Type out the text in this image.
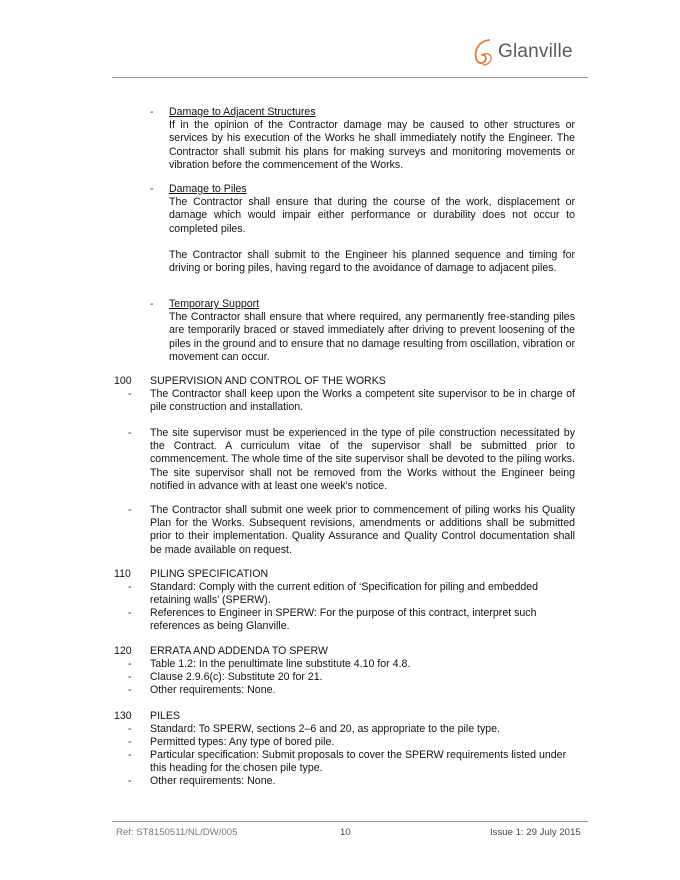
Glanville
- Damage to Adjacent Structures
If in the opinion of the Contractor damage may be caused to other structures or services by his execution of the Works he shall immediately notify the Engineer. The Contractor shall submit his plans for making surveys and monitoring movements or vibration before the commencement of the Works.
- Damage to Piles
The Contractor shall ensure that during the course of the work, displacement or damage which would impair either performance or durability does not occur to completed piles.
The Contractor shall submit to the Engineer his planned sequence and timing for driving or boring piles, having regard to the avoidance of damage to adjacent piles.
- Temporary Support
The Contractor shall ensure that where required, any permanently free-standing piles are temporarily braced or staved immediately after driving to prevent loosening of the piles in the ground and to ensure that no damage resulting from oscillation, vibration or movement can occur.
100 SUPERVISION AND CONTROL OF THE WORKS
- The Contractor shall keep upon the Works a competent site supervisor to be in charge of pile construction and installation.
- The site supervisor must be experienced in the type of pile construction necessitated by the Contract. A curriculum vitae of the supervisor shall be submitted prior to commencement. The whole time of the site supervisor shall be devoted to the piling works. The site supervisor shall not be removed from the Works without the Engineer being notified in advance with at least one week’s notice.
- The Contractor shall submit one week prior to commencement of piling works his Quality Plan for the Works. Subsequent revisions, amendments or additions shall be submitted prior to their implementation. Quality Assurance and Quality Control documentation shall be made available on request.
110 PILING SPECIFICATION
- Standard: Comply with the current edition of ‘Specification for piling and embedded retaining walls’ (SPERW).
- References to Engineer in SPERW: For the purpose of this contract, interpret such references as being Glanville.
120 ERRATA AND ADDENDA TO SPERW
- Table 1.2: In the penultimate line substitute 4.10 for 4.8.
- Clause 2.9.6(c): Substitute 20 for 21.
- Other requirements: None.
130 PILES
- Standard: To SPERW, sections 2–6 and 20, as appropriate to the pile type.
- Permitted types: Any type of bored pile.
- Particular specification: Submit proposals to cover the SPERW requirements listed under this heading for the chosen pile type.
- Other requirements: None.
Ref: ST8150511/NL/DW/005	10	Issue 1: 29 July 2015
